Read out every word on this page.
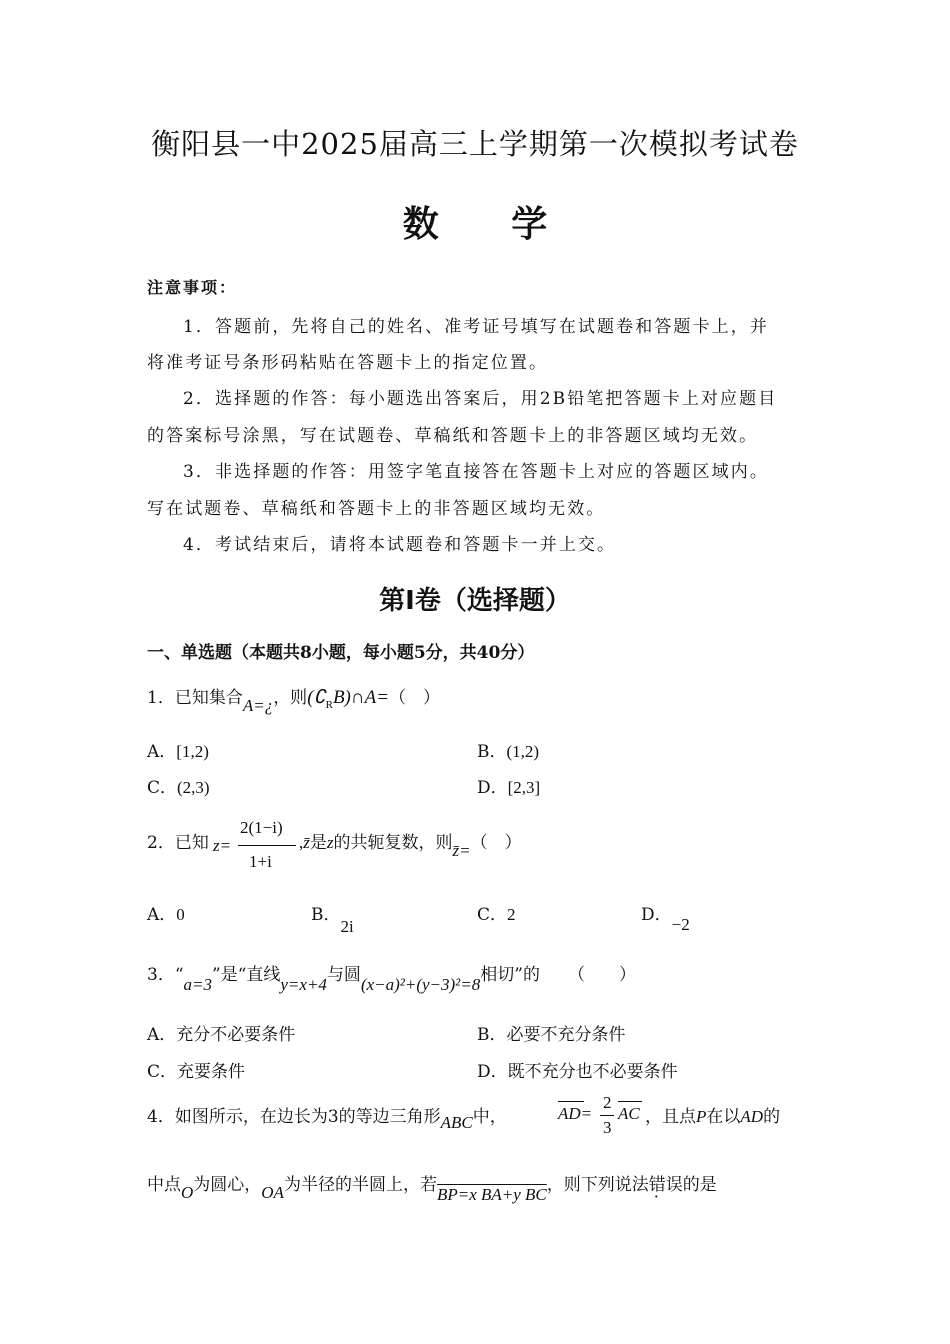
衡阳县一中2025届高三上学期第一次模拟考试卷
数 学
注意事项：
1．答题前，先将自己的姓名、准考证号填写在试题卷和答题卡上，并
将准考证号条形码粘贴在答题卡上的指定位置。
2．选择题的作答：每小题选出答案后，用2B铅笔把答题卡上对应题目
的答案标号涂黑，写在试题卷、草稿纸和答题卡上的非答题区域均无效。
3．非选择题的作答：用签字笔直接答在答题卡上对应的答题区域内。
写在试题卷、草稿纸和答题卡上的非答题区域均无效。
4．考试结束后，请将本试题卷和答题卡一并上交。
第Ⅰ卷（选择题）
一、单选题（本题共8小题，每小题5分，共40分）
1．已知集合A=¿，则$(∁_RB)\cap A=$（　）
A．[1,2)	B．(1,2)
C．(2,3)	D．[2,3]
2．已知 z=
2(1−i)
1+i
,z̄是z的共轭复数，则z̄=（　）
A．0	B．2i
C．2	D．−2
3．“a=3”是“直线y=x+4与圆(x−a)²+(y−3)²=8相切”的 （　　）
A．充分不必要条件	B．必要不充分条件
C．充要条件	D．既不充分也不必要条件
4．如图所示，在边长为3的等边三角形ABC中，	AD=
2
3
AC ，且点P在以AD的
中点O为圆心，OA为半径的半圆上，若BP=x BA+y BC，则下列说法错误的是
